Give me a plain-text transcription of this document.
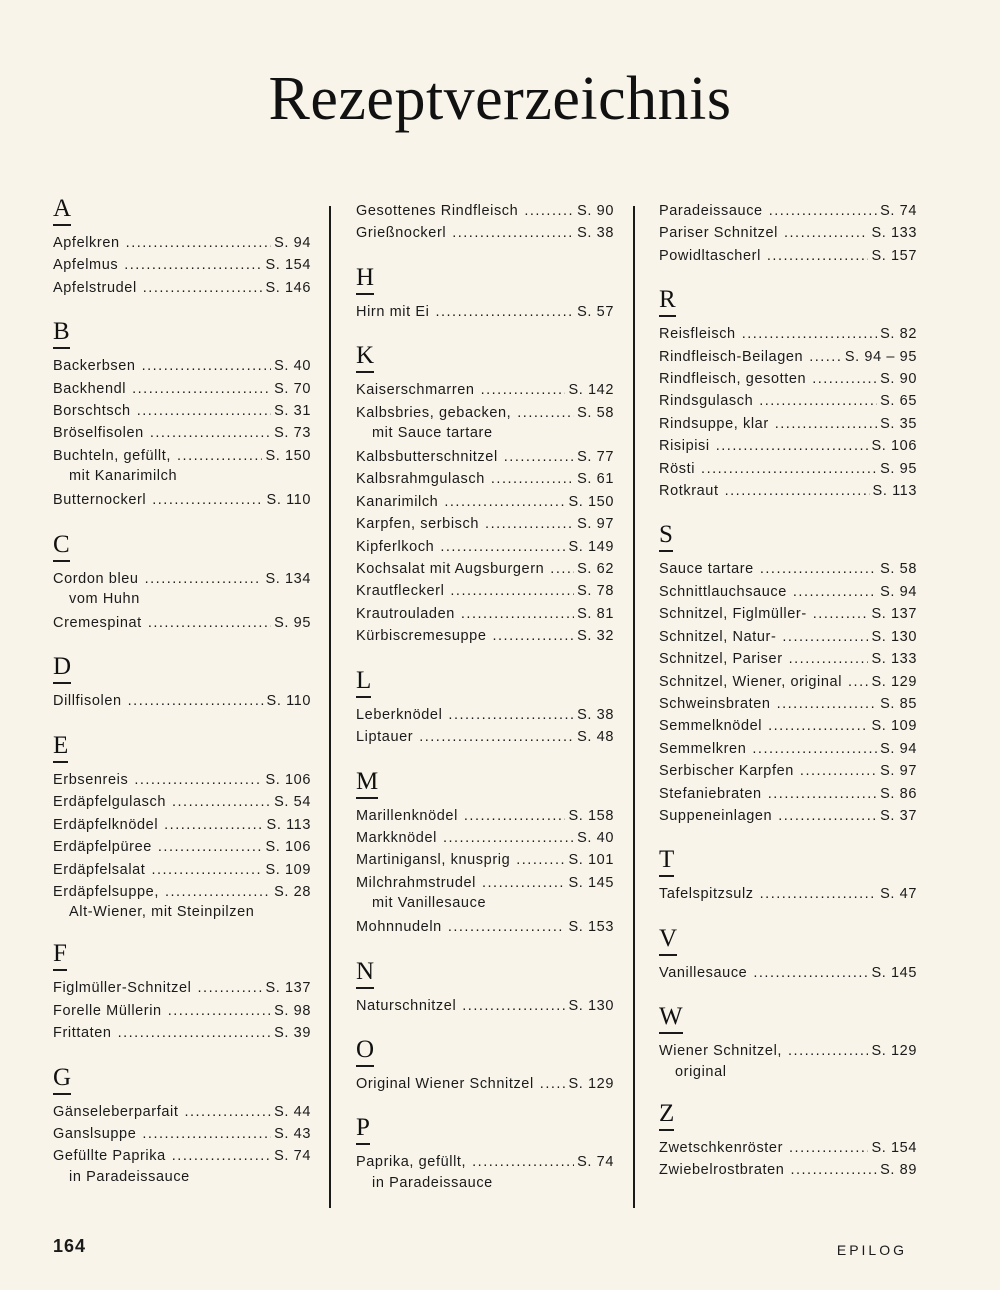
Rezeptverzeichnis
A
Apfelkren .....	S. 94
Apfelmus .....	S. 154
Apfelstrudel .....	S. 146
B
Backerbsen .....	S. 40
Backhendl .....	S. 70
Borschtsch .....	S. 31
Bröselfisolen .....	S. 73
Buchteln, gefüllt, .....	S. 150
mit Kanarimilch
Butternockerl .....	S. 110
C
Cordon bleu .....	S. 134
vom Huhn
Cremespinat .....	S. 95
D
Dillfisolen .....	S. 110
E
Erbsenreis .....	S. 106
Erdäpfelgulasch .....	S. 54
Erdäpfelknödel .....	S. 113
Erdäpfelpüree .....	S. 106
Erdäpfelsalat .....	S. 109
Erdäpfelsuppe, .....	S. 28
Alt-Wiener, mit Steinpilzen
F
Figlmüller-Schnitzel .....	S. 137
Forelle Müllerin .....	S. 98
Frittaten .....	S. 39
G
Gänseleberparfait .....	S. 44
Ganslsuppe .....	S. 43
Gefüllte Paprika .....	S. 74
in Paradeissauce
Gesottenes Rindfleisch .....	S. 90
Grießnockerl .....	S. 38
H
Hirn mit Ei .....	S. 57
K
Kaiserschmarren .....	S. 142
Kalbsbries, gebacken, .....	S. 58
mit Sauce tartare
Kalbsbutterschnitzel .....	S. 77
Kalbsrahmgulasch .....	S. 61
Kanarimilch .....	S. 150
Karpfen, serbisch .....	S. 97
Kipferlkoch .....	S. 149
Kochsalat mit Augsburgern ..... S. 62
Krautfleckerl .....	S. 78
Krautrouladen .....	S. 81
Kürbiscremesuppe .....	S. 32
L
Leberknödel .....	S. 38
Liptauer .....	S. 48
M
Marillenknödel .....	S. 158
Markknödel .....	S. 40
Martinigansl, knusprig .....	S. 101
Milchrahmstrudel .....	S. 145
mit Vanillesauce
Mohnnudeln .....	S. 153
N
Naturschnitzel .....	S. 130
O
Original Wiener Schnitzel ..... S. 129
P
Paprika, gefüllt, .....	S. 74
in Paradeissauce
Paradeissauce .....	S. 74
Pariser Schnitzel .....	S. 133
Powidltascherl .....	S. 157
R
Reisfleisch .....	S. 82
Rindfleisch-Beilagen .....	S. 94 – 95
Rindfleisch, gesotten .....	S. 90
Rindsgulasch .....	S. 65
Rindsuppe, klar .....	S. 35
Risipisi .....	S. 106
Rösti .....	S. 95
Rotkraut .....	S. 113
S
Sauce tartare .....	S. 58
Schnittlauchsauce .....	S. 94
Schnitzel, Figlmüller- .....	S. 137
Schnitzel, Natur- .....	S. 130
Schnitzel, Pariser .....	S. 133
Schnitzel, Wiener, original ..... S. 129
Schweinsbraten .....	S. 85
Semmelknödel .....	S. 109
Semmelkren .....	S. 94
Serbischer Karpfen .....	S. 97
Stefaniebraten .....	S. 86
Suppeneinlagen .....	S. 37
T
Tafelspitzsulz .....	S. 47
V
Vanillesauce .....	S. 145
W
Wiener Schnitzel, .....	S. 129
original
Z
Zwetschkenröster .....	S. 154
Zwiebelrostbraten .....	S. 89
164	EPILOG
